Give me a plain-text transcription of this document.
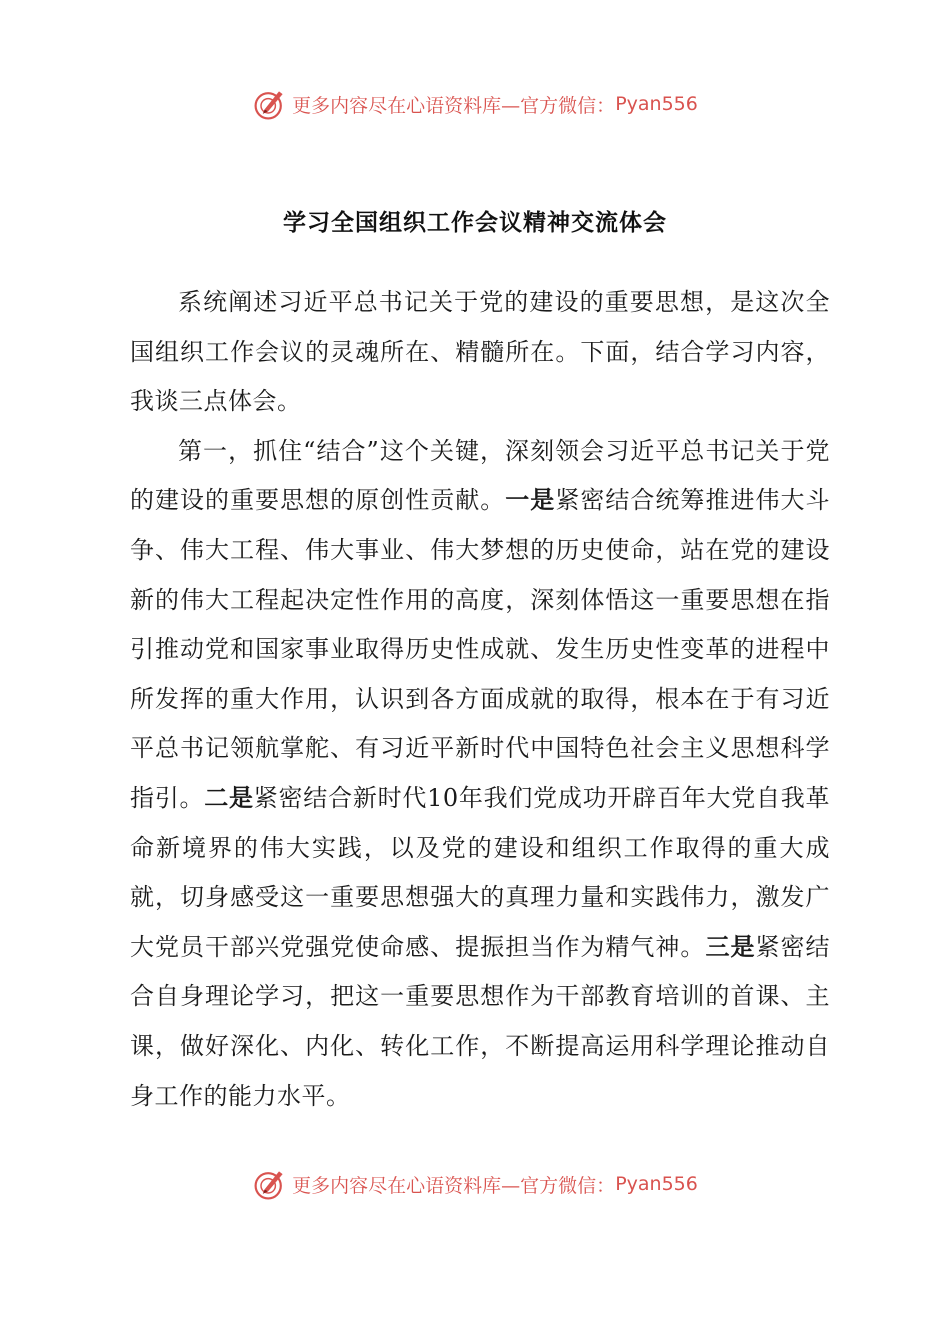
更多内容尽在心语资料库— 官方微信： Pyan556
学习全国组织工作会议精神交流体会

系统阐述习近平总书记关于党的建设的重要思想，是这次全国组织工作会议的灵魂所在、精髓所在。下面，结合学习内容，我谈三点体会。

第一，抓住“结合”这个关键，深刻领会习近平总书记关于党的建设的重要思想的原创性贡献。一是紧密结合统筹推进伟大斗争、伟大工程、伟大事业、伟大梦想的历史使命，站在党的建设新的伟大工程起决定性作用的高度，深刻体悟这一重要思想在指引推动党和国家事业取得历史性成就、发生历史性变革的进程中所发挥的重大作用，认识到各方面成就的取得，根本在于有习近平总书记领航掌舵、有习近平新时代中国特色社会主义思想科学指引。二是紧密结合新时代10年我们党成功开辟百年大党自我革命新境界的伟大实践，以及党的建设和组织工作取得的重大成就，切身感受这一重要思想强大的真理力量和实践伟力，激发广大党员干部兴党强党使命感、提振担当作为精气神。三是紧密结合自身理论学习，把这一重要思想作为干部教育培训的首课、主课，做好深化、内化、转化工作，不断提高运用科学理论推动自身工作的能力水平。

更多内容尽在心语资料库— 官方微信： Pyan556
